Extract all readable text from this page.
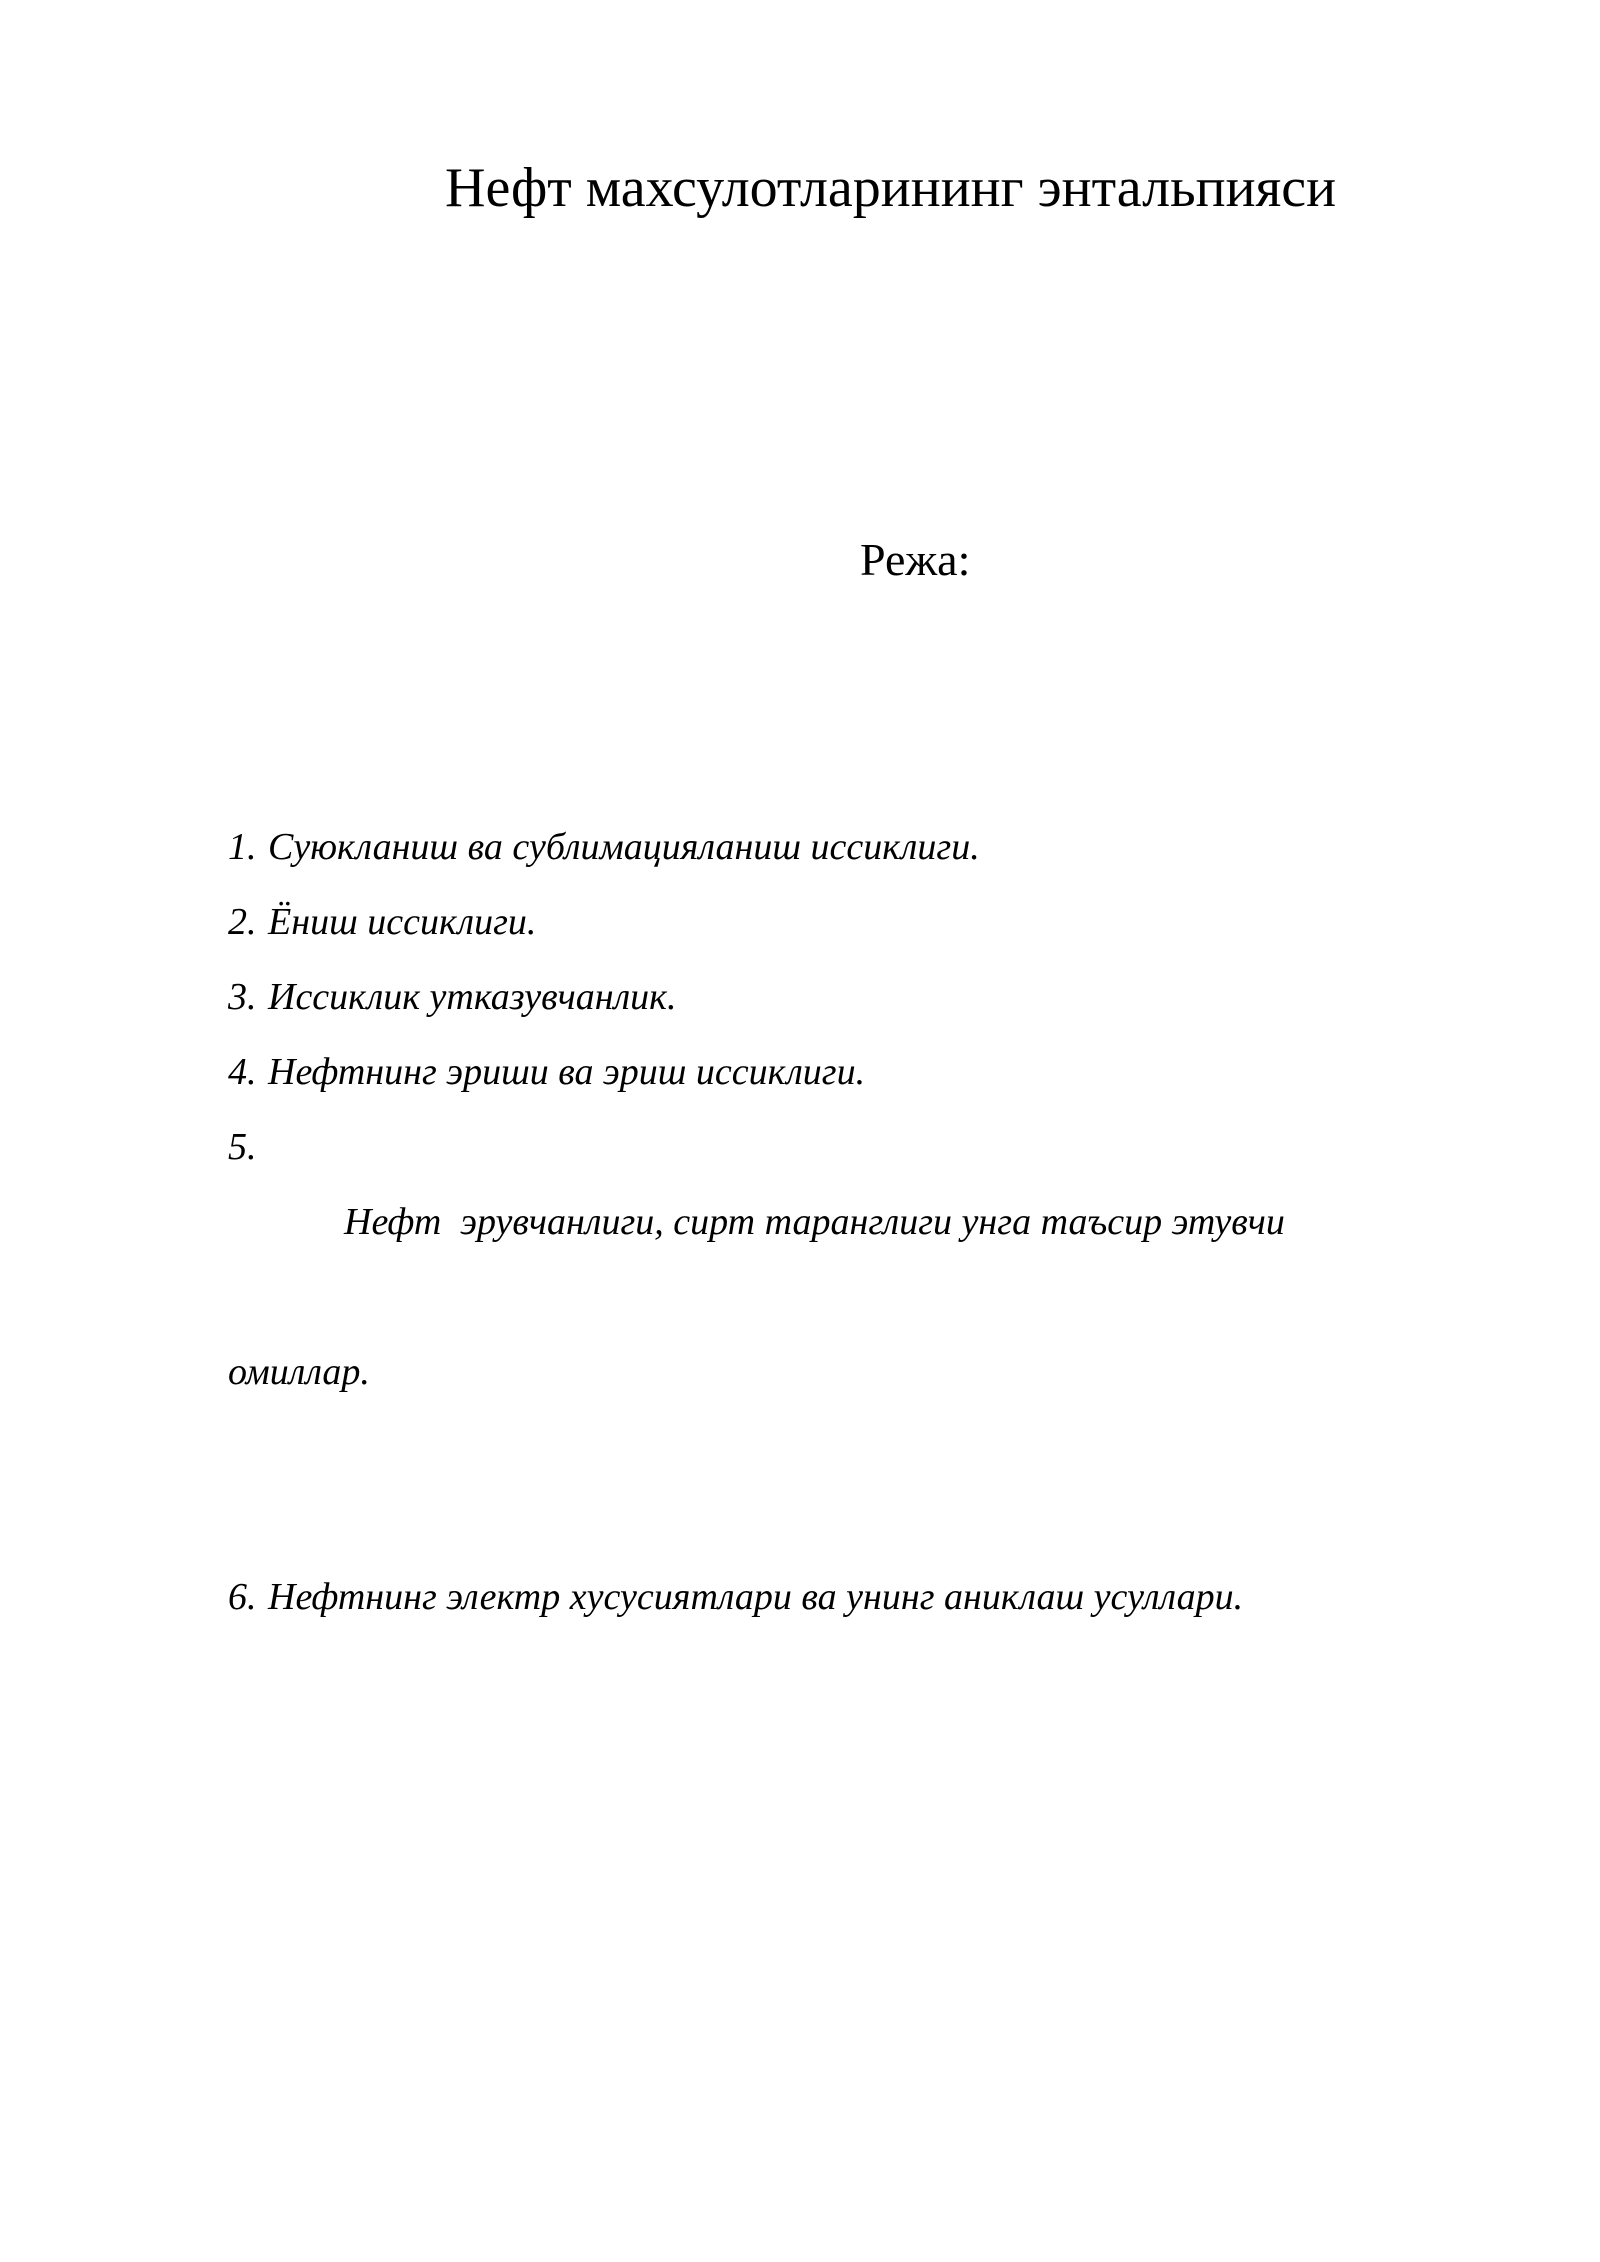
Нефт махсулотларининг энтальпияси
Режа:
1. Суюкланиш ва сублимацияланиш иссиклиги.
2. Ёниш иссиклиги.
3. Иссиклик утказувчанлик.
4. Нефтнинг эриши ва эриш иссиклиги.
5.

Нефт  эрувчанлиги, сирт таранглиги унга таъсир этувчи

омиллар.

6. Нефтнинг электр хусусиятлари ва унинг аниклаш усуллари.
